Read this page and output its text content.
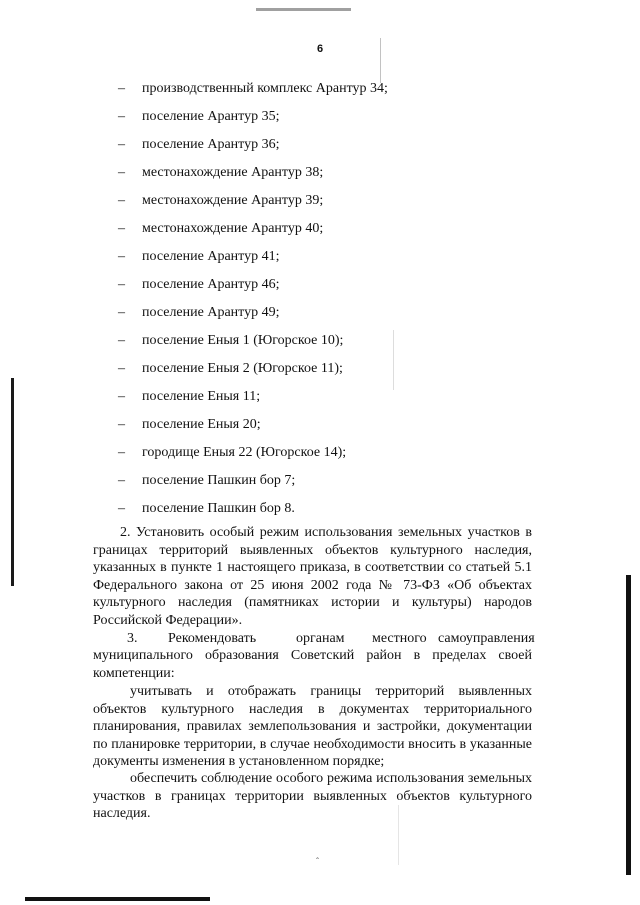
6
– производственный комплекс Арантур 34;
– поселение Арантур 35;
– поселение Арантур 36;
– местонахождение Арантур 38;
– местонахождение Арантур 39;
– местонахождение Арантур 40;
– поселение Арантур 41;
– поселение Арантур 46;
– поселение Арантур 49;
– поселение Еныя 1 (Югорское 10);
– поселение Еныя 2 (Югорское 11);
– поселение Еныя 11;
– поселение Еныя 20;
– городище Еныя 22 (Югорское 14);
– поселение Пашкин бор 7;
– поселение Пашкин бор 8.

2. Установить особый режим использования земельных участков в границах территорий выявленных объектов культурного наследия, указанных в пункте 1 настоящего приказа, в соответствии со статьей 5.1 Федерального закона от 25 июня 2002 года № 73-ФЗ «Об объектах культурного наследия (памятниках истории и культуры) народов Российской Федерации».

3. Рекомендовать	органам местного самоуправления

муниципального образования Советский район в пределах своей компетенции:

учитывать и отображать границы территорий выявленных объектов культурного наследия в документах территориального планирования, правилах землепользования и застройки, документации по планировке территории, в случае необходимости вносить в указанные документы изменения в установленном порядке;

обеспечить соблюдение особого режима использования земельных участков в границах территории выявленных объектов культурного наследия.

ˆ
